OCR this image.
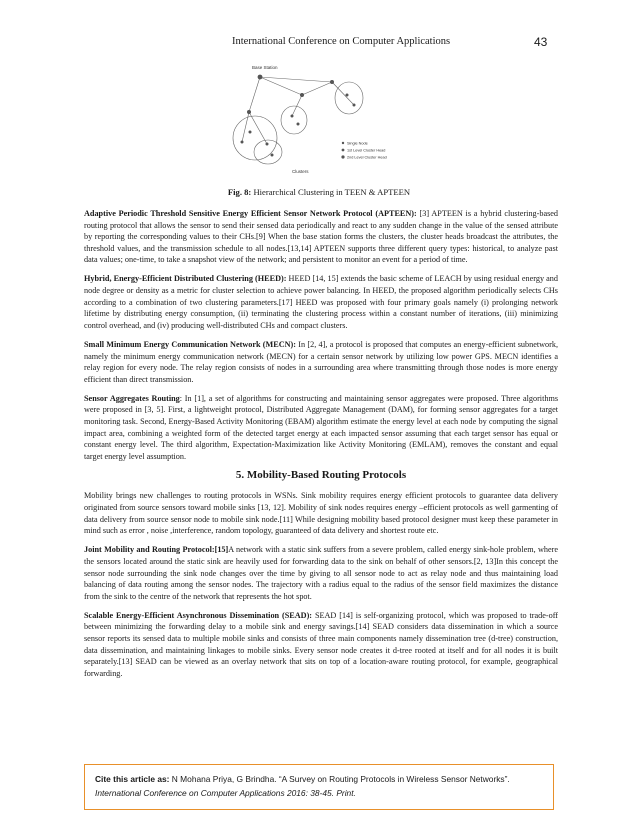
International Conference on Computer Applications	43
Base Station
Clusters
Single Node
1st Level Cluster Head
2nd Level Cluster Head
Fig. 8: Hierarchical Clustering in TEEN & APTEEN

Adaptive Periodic Threshold Sensitive Energy Efficient Sensor Network Protocol (APTEEN): [3] APTEEN is a hybrid clustering-based routing protocol that allows the sensor to send their sensed data periodically and react to any sudden change in the value of the sensed attribute by reporting the corresponding values to their CHs.[9] When the base station forms the clusters, the cluster heads broadcast the attributes, the threshold values, and the transmission schedule to all nodes.[13,14] APTEEN supports three different query types: historical, to analyze past data values; one-time, to take a snapshot view of the network; and persistent to monitor an event for a period of time.

Hybrid, Energy-Efficient Distributed Clustering (HEED): HEED [14, 15] extends the basic scheme of LEACH by using residual energy and node degree or density as a metric for cluster selection to achieve power balancing. In HEED, the proposed algorithm periodically selects CHs according to a combination of two clustering parameters.[17] HEED was proposed with four primary goals namely (i) prolonging network lifetime by distributing energy consumption, (ii) terminating the clustering process within a constant number of iterations, (iii) minimizing control overhead, and (iv) producing well-distributed CHs and compact clusters.

Small Minimum Energy Communication Network (MECN): In [2, 4], a protocol is proposed that computes an energy-efficient subnetwork, namely the minimum energy communication network (MECN) for a certain sensor network by utilizing low power GPS. MECN identifies a relay region for every node. The relay region consists of nodes in a surrounding area where transmitting through those nodes is more energy efficient than direct transmission.

Sensor Aggregates Routing: In [1], a set of algorithms for constructing and maintaining sensor aggregates were proposed. Three algorithms were proposed in [3, 5]. First, a lightweight protocol, Distributed Aggregate Management (DAM), for forming sensor aggregates for a target monitoring task. Second, Energy-Based Activity Monitoring (EBAM) algorithm estimate the energy level at each node by computing the signal impact area, combining a weighted form of the detected target energy at each impacted sensor assuming that each target sensor has equal or constant energy level. The third algorithm, Expectation-Maximization like Activity Monitoring (EMLAM), removes the constant and equal target energy level assumption.

5. Mobility-Based Routing Protocols

Mobility brings new challenges to routing protocols in WSNs. Sink mobility requires energy efficient protocols to guarantee data delivery originated from source sensors toward mobile sinks [13, 12]. Mobility of sink nodes requires energy –efficient protocols as well garmenting of data delivery from source sensor node to mobile sink node.[11] While designing mobility based protocol designer must keep these parameter in mind such as error , noise ,interference, random topology, guaranteed of data delivery and shortest route etc.

Joint Mobility and Routing Protocol:[15]A network with a static sink suffers from a severe problem, called energy sink-hole problem, where the sensors located around the static sink are heavily used for forwarding data to the sink on behalf of other sensors.[2, 13]In this concept the sensor node surrounding the sink node changes over the time by giving to all sensor node to act as relay node and thus maintaining load balancing of data routing among the sensor nodes. The trajectory with a radius equal to the radius of the sensor field maximizes the distance from the sink to the centre of the network that represents the hot spot.

Scalable Energy-Efficient Asynchronous Dissemination (SEAD): SEAD [14] is self-organizing protocol, which was proposed to trade-off between minimizing the forwarding delay to a mobile sink and energy savings.[14] SEAD considers data dissemination in which a source sensor reports its sensed data to multiple mobile sinks and consists of three main components namely dissemination tree (d-tree) construction, data dissemination, and maintaining linkages to mobile sinks. Every sensor node creates it d-tree rooted at itself and for all nodes it is built separately.[13] SEAD can be viewed as an overlay network that sits on top of a location-aware routing protocol, for example, geographical forwarding.

Cite this article as: N Mohana Priya, G Brindha. “A Survey on Routing Protocols in Wireless Sensor Networks”.
International Conference on Computer Applications 2016: 38-45. Print.
